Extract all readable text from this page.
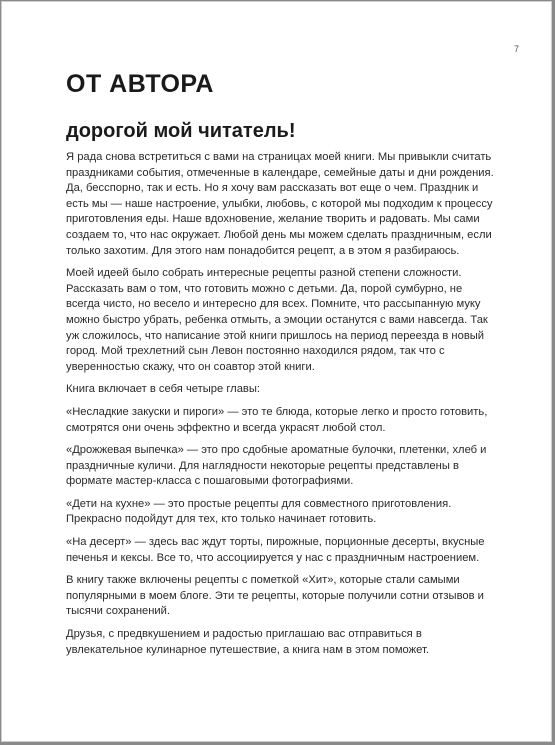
7
ОТ АВТОРА
дорогой мой читатель!

Я рада снова встретиться с вами на страницах моей книги. Мы привыкли считать праздниками события, отмеченные в календаре, семейные даты и дни рождения. Да, бесспорно, так и есть. Но я хочу вам рассказать вот еще о чем. Праздник и есть мы — наше настроение, улыбки, любовь, с которой мы подходим к процессу приготовления еды. Наше вдохновение, желание творить и радовать. Мы сами создаем то, что нас окружает. Любой день мы можем сделать праздничным, если только захотим. Для этого нам понадобится рецепт, а в этом я разбираюсь.

Моей идеей было собрать интересные рецепты разной степени сложности. Рассказать вам о том, что готовить можно с детьми. Да, порой сумбурно, не всегда чисто, но весело и интересно для всех. Помните, что рассыпанную муку можно быстро убрать, ребенка отмыть, а эмоции останутся с вами навсегда. Так уж сложилось, что написание этой книги пришлось на период переезда в новый город. Мой трехлетний сын Левон постоянно находился рядом, так что с уверенностью скажу, что он соавтор этой книги.

Книга включает в себя четыре главы:

«Несладкие закуски и пироги» — это те блюда, которые легко и просто готовить, смотрятся они очень эффектно и всегда украсят любой стол.

«Дрожжевая выпечка» — это про сдобные ароматные булочки, плетенки, хлеб и праздничные куличи. Для наглядности некоторые рецепты представлены в формате мастер-класса с пошаговыми фотографиями.

«Дети на кухне» — это простые рецепты для совместного приготовления. Прекрасно подойдут для тех, кто только начинает готовить.

«На десерт» — здесь вас ждут торты, пирожные, порционные десерты, вкусные печенья и кексы. Все то, что ассоциируется у нас с праздничным настроением.

В книгу также включены рецепты с пометкой «Хит», которые стали самыми популярными в моем блоге. Эти те рецепты, которые получили сотни отзывов и тысячи сохранений.

Друзья, с предвкушением и радостью приглашаю вас отправиться в увлекательное кулинарное путешествие, а книга нам в этом поможет.
